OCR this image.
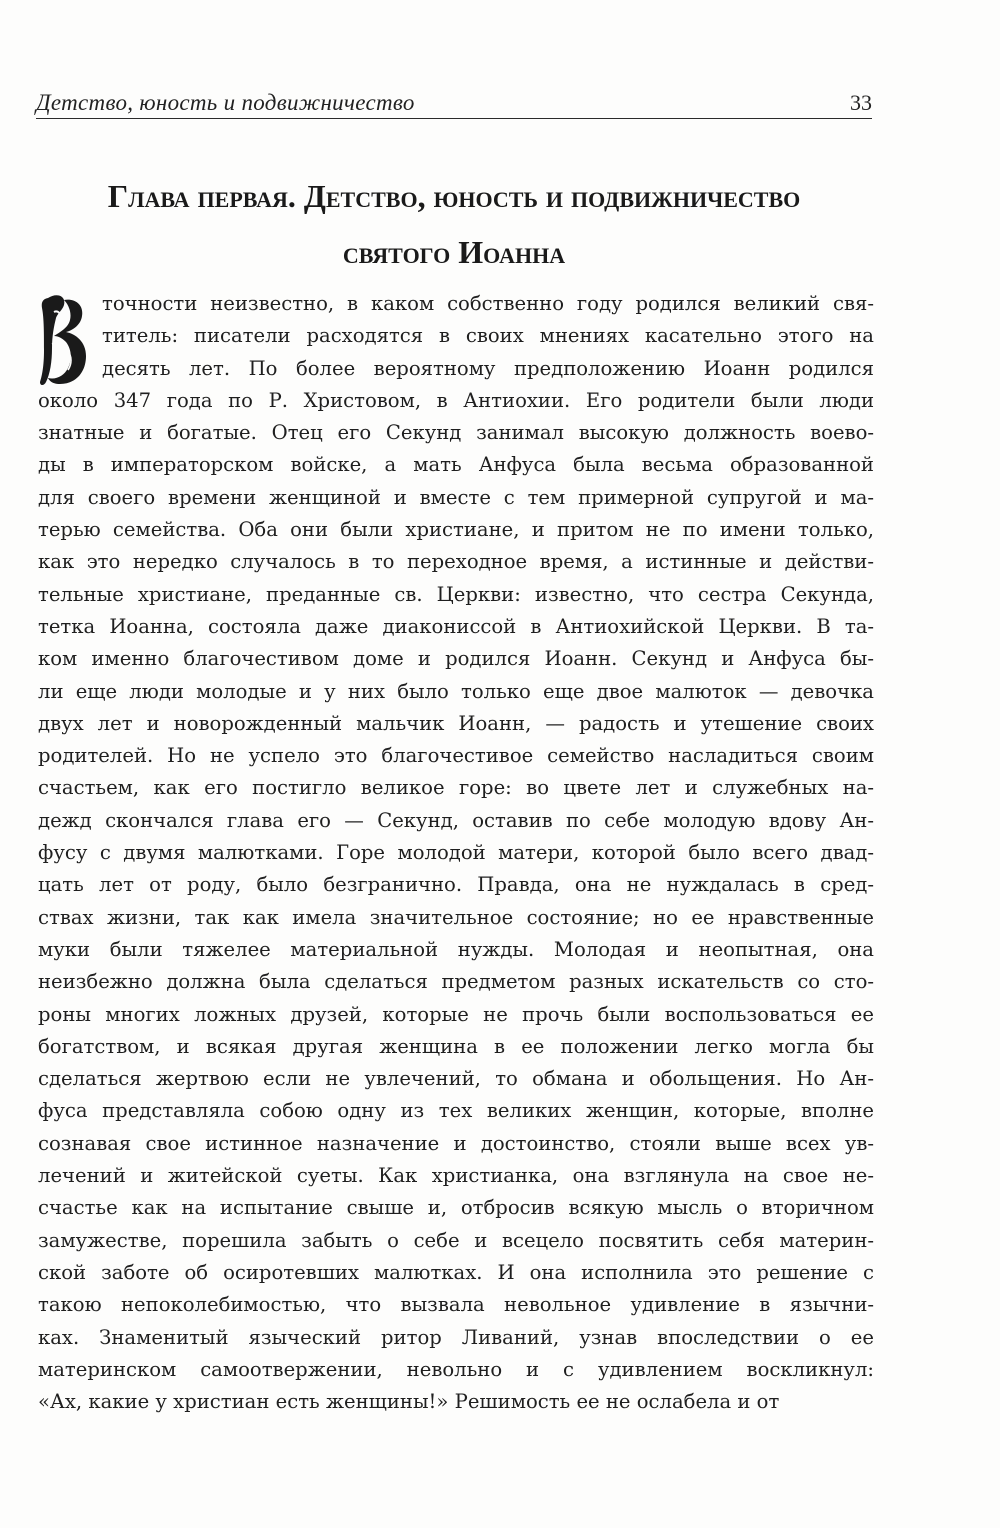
Детство, юность и подвижничество	33
Глава первая. Детство, юность и подвижничество
святого Иоанна
точности неизвестно, в каком собственно году родился великий свя-
титель: писатели расходятся в своих мнениях касательно этого на
десять лет. По более вероятному предположению Иоанн родился
около 347 года по Р. Христовом, в Антиохии. Его родители были люди
знатные и богатые. Отец его Секунд занимал высокую должность воево-
ды в императорском войске, а мать Анфуса была весьма образованной
для своего времени женщиной и вместе с тем примерной супругой и ма-
терью семейства. Оба они были христиане, и притом не по имени только,
как это нередко случалось в то переходное время, а истинные и действи-
тельные христиане, преданные св. Церкви: известно, что сестра Секунда,
тетка Иоанна, состояла даже диаконисcой в Антиохийской Церкви. В та-
ком именно благочестивом доме и родился Иоанн. Секунд и Анфуса бы-
ли еще люди молодые и у них было только еще двое малюток — девочка
двух лет и новорожденный мальчик Иоанн, — радость и утешение своих
родителей. Но не успело это благочестивое семейство насладиться своим
счастьем, как его постигло великое горе: во цвете лет и служебных на-
дежд скончался глава его — Секунд, оставив по себе молодую вдову Ан-
фусу с двумя малютками. Горе молодой матери, которой было всего двад-
цать лет от роду, было безгранично. Правда, она не нуждалась в сред-
ствах жизни, так как имела значительное состояние; но ее нравственные
муки были тяжелее материальной нужды. Молодая и неопытная, она
неизбежно должна была сделаться предметом разных искательств со сто-
роны многих ложных друзей, которые не прочь были воспользоваться ее
богатством, и всякая другая женщина в ее положении легко могла бы
сделаться жертвою если не увлечений, то обмана и обольщения. Но Ан-
фуса представляла собою одну из тех великих женщин, которые, вполне
сознавая свое истинное назначение и достоинство, стояли выше всех ув-
лечений и житейской суеты. Как христианка, она взглянула на свое не-
счастье как на испытание свыше и, отбросив всякую мысль о вторичном
замужестве, порешила забыть о себе и всецело посвятить себя материн-
ской заботе об осиротевших малютках. И она исполнила это решение с
такою непоколебимостью, что вызвала невольное удивление в язычни-
ках. Знаменитый языческий ритор Ливаний, узнав впоследствии о ее
материнском самоотвержении, невольно и с удивлением воскликнул:
«Ах, какие у христиан есть женщины!» Решимость ее не ослабела и от
